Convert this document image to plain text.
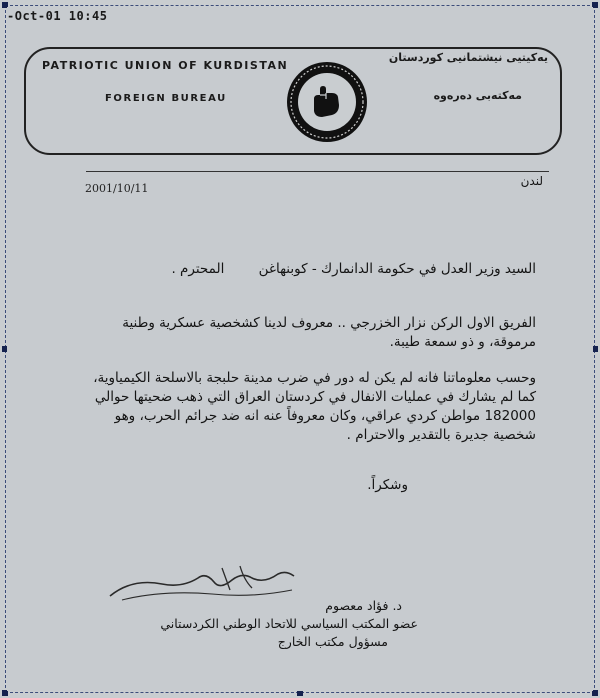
-Oct-01 10:45
PATRIOTIC UNION OF KURDISTAN
FOREIGN BUREAU
یەکیتیی نیشتمانیی کوردستان
مەکتەبی دەرەوە
لندن
2001/10/11
السيد وزير العدل في حكومة الدانمارك - كوبنهاغن المحترم .
الفريق الاول الركن نزار الخزرجي .. معروف لدينا كشخصية عسكرية وطنية
مرموقة، و ذو سمعة طيبة.
وحسب معلوماتنا فانه لم يكن له دور في ضرب مدينة حلبجة بالاسلحة الكيمياوية،
كما لم يشارك في عمليات الانفال في كردستان العراق التي ذهب ضحيتها حوالي
182000 مواطن كردي عراقي، وكان معروفاً عنه انه ضد جرائم الحرب، وهو
شخصية جديرة بالتقدير والاحترام .
وشكراً.
د. فؤاد معصوم
عضو المكتب السياسي للاتحاد الوطني الكردستاني
مسؤول مكتب الخارج
